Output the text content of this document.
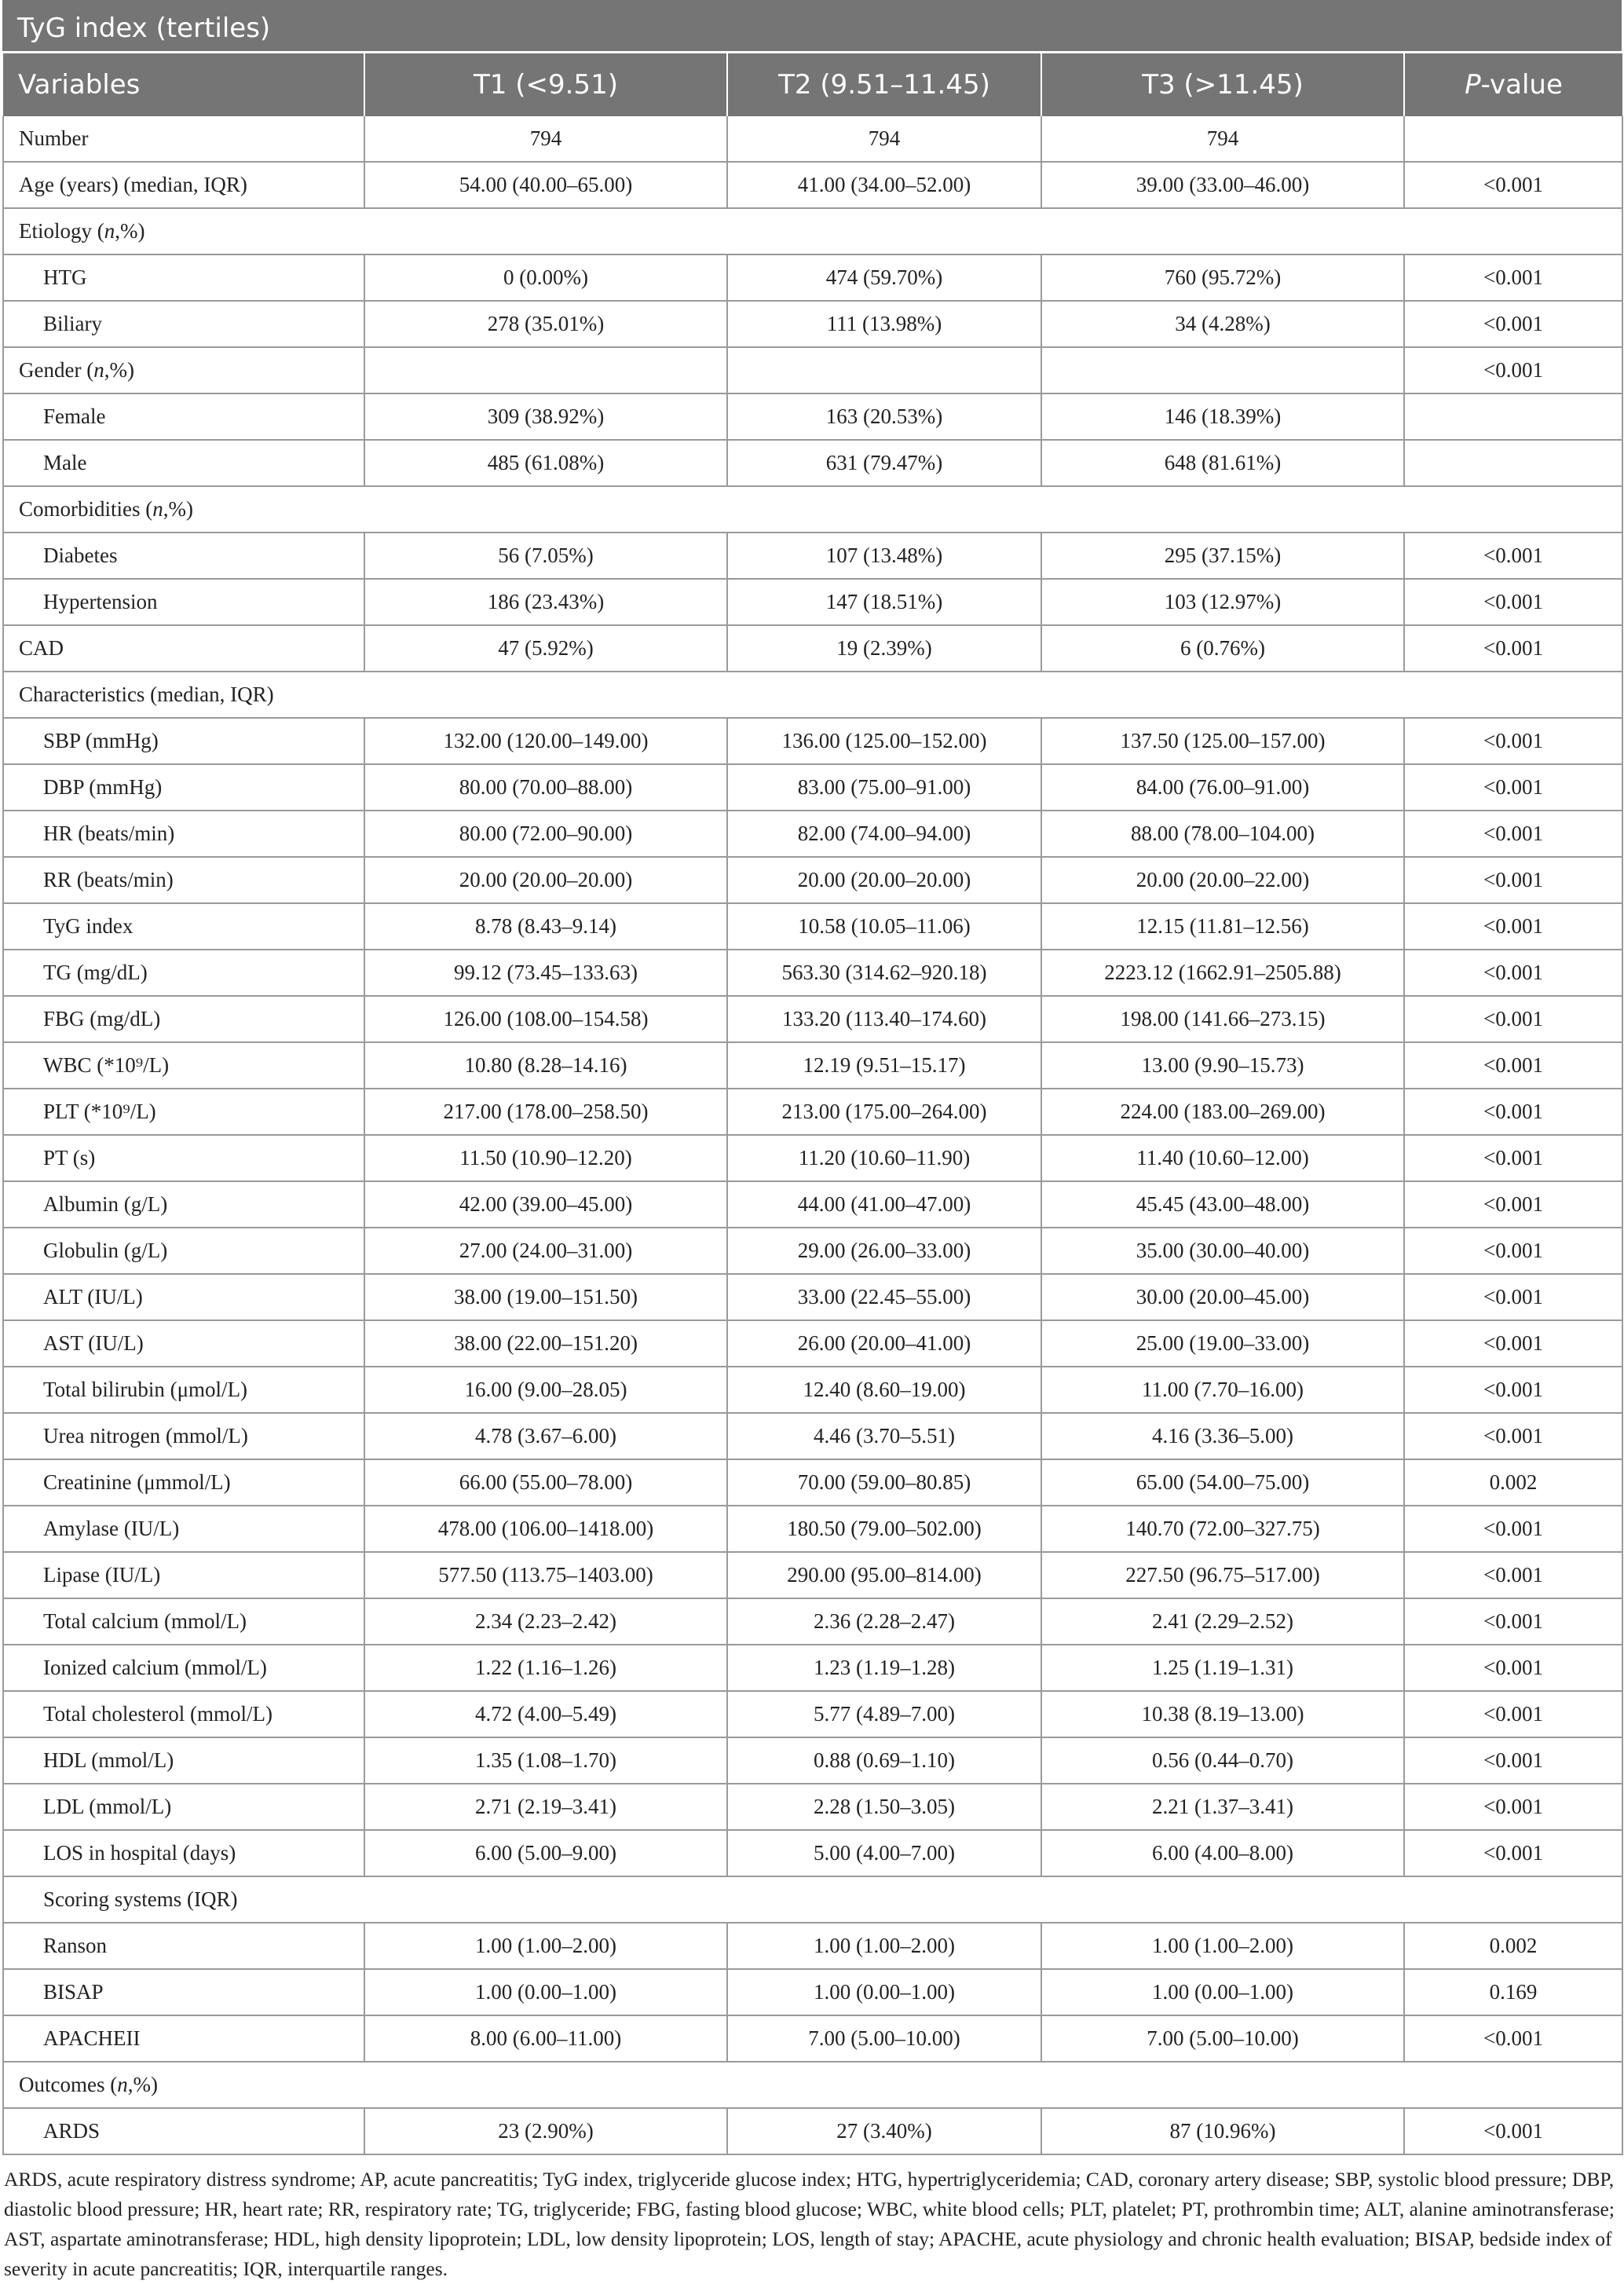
TyG index (tertiles)
Variables	T1 (<9.51)	T2 (9.51–11.45)	T3 (>11.45)	P-value
Number	794	794	794	
Age (years) (median, IQR)	54.00 (40.00–65.00)	41.00 (34.00–52.00)	39.00 (33.00–46.00)	<0.001
Etiology (n,%)				
HTG	0 (0.00%)	474 (59.70%)	760 (95.72%)	<0.001
Biliary	278 (35.01%)	111 (13.98%)	34 (4.28%)	<0.001
Gender (n,%)				<0.001
Female	309 (38.92%)	163 (20.53%)	146 (18.39%)	
Male	485 (61.08%)	631 (79.47%)	648 (81.61%)	
Comorbidities (n,%)				
Diabetes	56 (7.05%)	107 (13.48%)	295 (37.15%)	<0.001
Hypertension	186 (23.43%)	147 (18.51%)	103 (12.97%)	<0.001
CAD	47 (5.92%)	19 (2.39%)	6 (0.76%)	<0.001
Characteristics (median, IQR)				
SBP (mmHg)	132.00 (120.00–149.00)	136.00 (125.00–152.00)	137.50 (125.00–157.00)	<0.001
DBP (mmHg)	80.00 (70.00–88.00)	83.00 (75.00–91.00)	84.00 (76.00–91.00)	<0.001
HR (beats/min)	80.00 (72.00–90.00)	82.00 (74.00–94.00)	88.00 (78.00–104.00)	<0.001
RR (beats/min)	20.00 (20.00–20.00)	20.00 (20.00–20.00)	20.00 (20.00–22.00)	<0.001
TyG index	8.78 (8.43–9.14)	10.58 (10.05–11.06)	12.15 (11.81–12.56)	<0.001
TG (mg/dL)	99.12 (73.45–133.63)	563.30 (314.62–920.18)	2223.12 (1662.91–2505.88)	<0.001
FBG (mg/dL)	126.00 (108.00–154.58)	133.20 (113.40–174.60)	198.00 (141.66–273.15)	<0.001
WBC (*10⁹/L)	10.80 (8.28–14.16)	12.19 (9.51–15.17)	13.00 (9.90–15.73)	<0.001
PLT (*10⁹/L)	217.00 (178.00–258.50)	213.00 (175.00–264.00)	224.00 (183.00–269.00)	<0.001
PT (s)	11.50 (10.90–12.20)	11.20 (10.60–11.90)	11.40 (10.60–12.00)	<0.001
Albumin (g/L)	42.00 (39.00–45.00)	44.00 (41.00–47.00)	45.45 (43.00–48.00)	<0.001
Globulin (g/L)	27.00 (24.00–31.00)	29.00 (26.00–33.00)	35.00 (30.00–40.00)	<0.001
ALT (IU/L)	38.00 (19.00–151.50)	33.00 (22.45–55.00)	30.00 (20.00–45.00)	<0.001
AST (IU/L)	38.00 (22.00–151.20)	26.00 (20.00–41.00)	25.00 (19.00–33.00)	<0.001
Total bilirubin (μmol/L)	16.00 (9.00–28.05)	12.40 (8.60–19.00)	11.00 (7.70–16.00)	<0.001
Urea nitrogen (mmol/L)	4.78 (3.67–6.00)	4.46 (3.70–5.51)	4.16 (3.36–5.00)	<0.001
Creatinine (μmmol/L)	66.00 (55.00–78.00)	70.00 (59.00–80.85)	65.00 (54.00–75.00)	0.002
Amylase (IU/L)	478.00 (106.00–1418.00)	180.50 (79.00–502.00)	140.70 (72.00–327.75)	<0.001
Lipase (IU/L)	577.50 (113.75–1403.00)	290.00 (95.00–814.00)	227.50 (96.75–517.00)	<0.001
Total calcium (mmol/L)	2.34 (2.23–2.42)	2.36 (2.28–2.47)	2.41 (2.29–2.52)	<0.001
Ionized calcium (mmol/L)	1.22 (1.16–1.26)	1.23 (1.19–1.28)	1.25 (1.19–1.31)	<0.001
Total cholesterol (mmol/L)	4.72 (4.00–5.49)	5.77 (4.89–7.00)	10.38 (8.19–13.00)	<0.001
HDL (mmol/L)	1.35 (1.08–1.70)	0.88 (0.69–1.10)	0.56 (0.44–0.70)	<0.001
LDL (mmol/L)	2.71 (2.19–3.41)	2.28 (1.50–3.05)	2.21 (1.37–3.41)	<0.001
LOS in hospital (days)	6.00 (5.00–9.00)	5.00 (4.00–7.00)	6.00 (4.00–8.00)	<0.001
Scoring systems (IQR)				
Ranson	1.00 (1.00–2.00)	1.00 (1.00–2.00)	1.00 (1.00–2.00)	0.002
BISAP	1.00 (0.00–1.00)	1.00 (0.00–1.00)	1.00 (0.00–1.00)	0.169
APACHEII	8.00 (6.00–11.00)	7.00 (5.00–10.00)	7.00 (5.00–10.00)	<0.001
Outcomes (n,%)				
ARDS	23 (2.90%)	27 (3.40%)	87 (10.96%)	<0.001
ARDS, acute respiratory distress syndrome; AP, acute pancreatitis; TyG index, triglyceride glucose index; HTG, hypertriglyceridemia; CAD, coronary artery disease; SBP, systolic blood pressure; DBP, diastolic blood pressure; HR, heart rate; RR, respiratory rate; TG, triglyceride; FBG, fasting blood glucose; WBC, white blood cells; PLT, platelet; PT, prothrombin time; ALT, alanine aminotransferase; AST, aspartate aminotransferase; HDL, high density lipoprotein; LDL, low density lipoprotein; LOS, length of stay; APACHE, acute physiology and chronic health evaluation; BISAP, bedside index of severity in acute pancreatitis; IQR, interquartile ranges.
